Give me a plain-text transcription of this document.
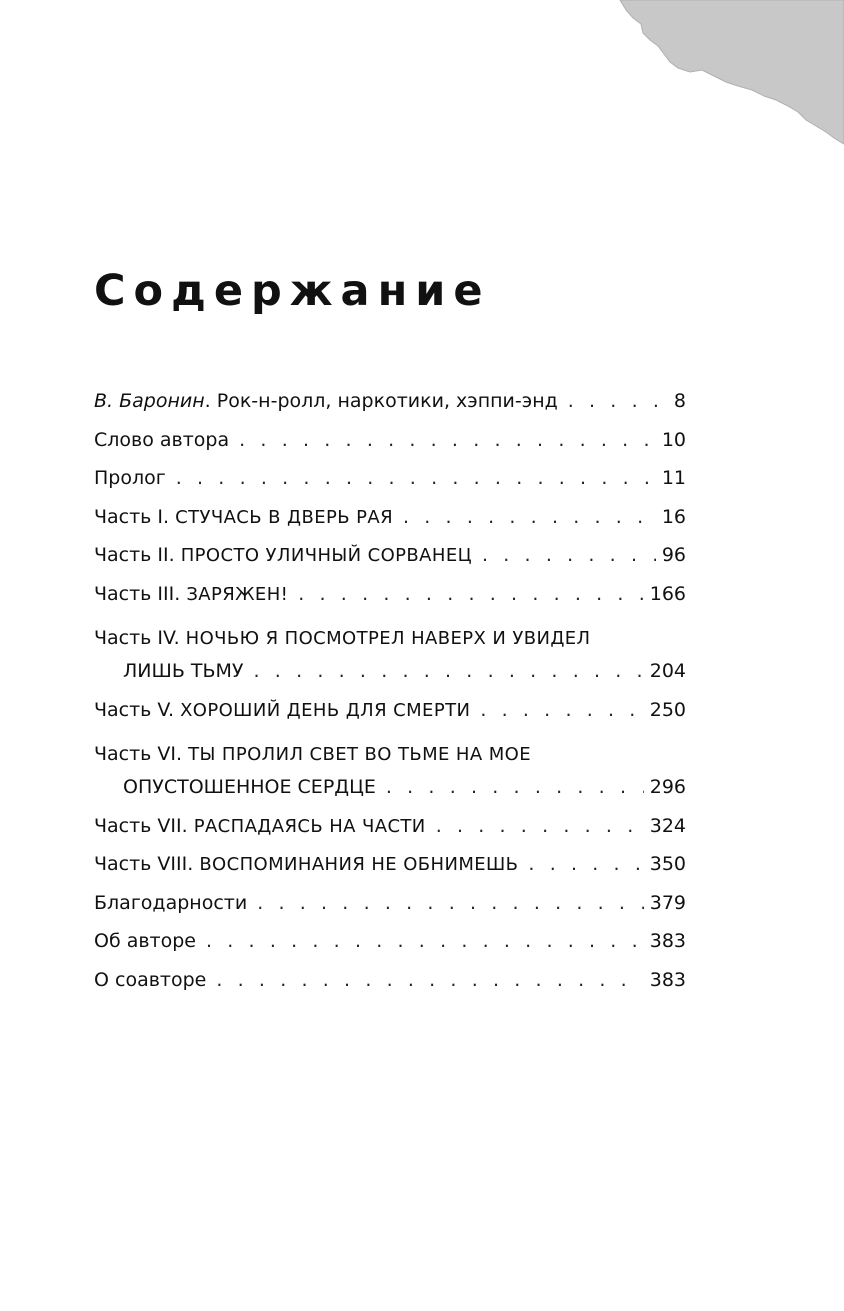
Содержание
В. Баронин. Рок-н-ролл, наркотики, хэппи-энд . . .	8
Слово автора . . .	10
Пролог . . .	11
Часть I. СТУЧАСЬ В ДВЕРЬ РАЯ . . .	16
Часть II. ПРОСТО УЛИЧНЫЙ СОРВАНЕЦ . . .	96
Часть III. ЗАРЯЖЕН! . . .	166
Часть IV. НОЧЬЮ Я ПОСМОТРЕЛ НАВЕРХ И УВИДЕЛ
ЛИШЬ ТЬМУ . . .	204
Часть V. ХОРОШИЙ ДЕНЬ ДЛЯ СМЕРТИ . . .	250
Часть VI. ТЫ ПРОЛИЛ СВЕТ ВО ТЬМЕ НА МОЕ
ОПУСТОШЕННОЕ СЕРДЦЕ . . .	296
Часть VII. РАСПАДАЯСЬ НА ЧАСТИ . . .	324
Часть VIII. ВОСПОМИНАНИЯ НЕ ОБНИМЕШЬ . . .	350
Благодарности . . .	379
Об авторе . . .	383
О соавторе . . .	383
